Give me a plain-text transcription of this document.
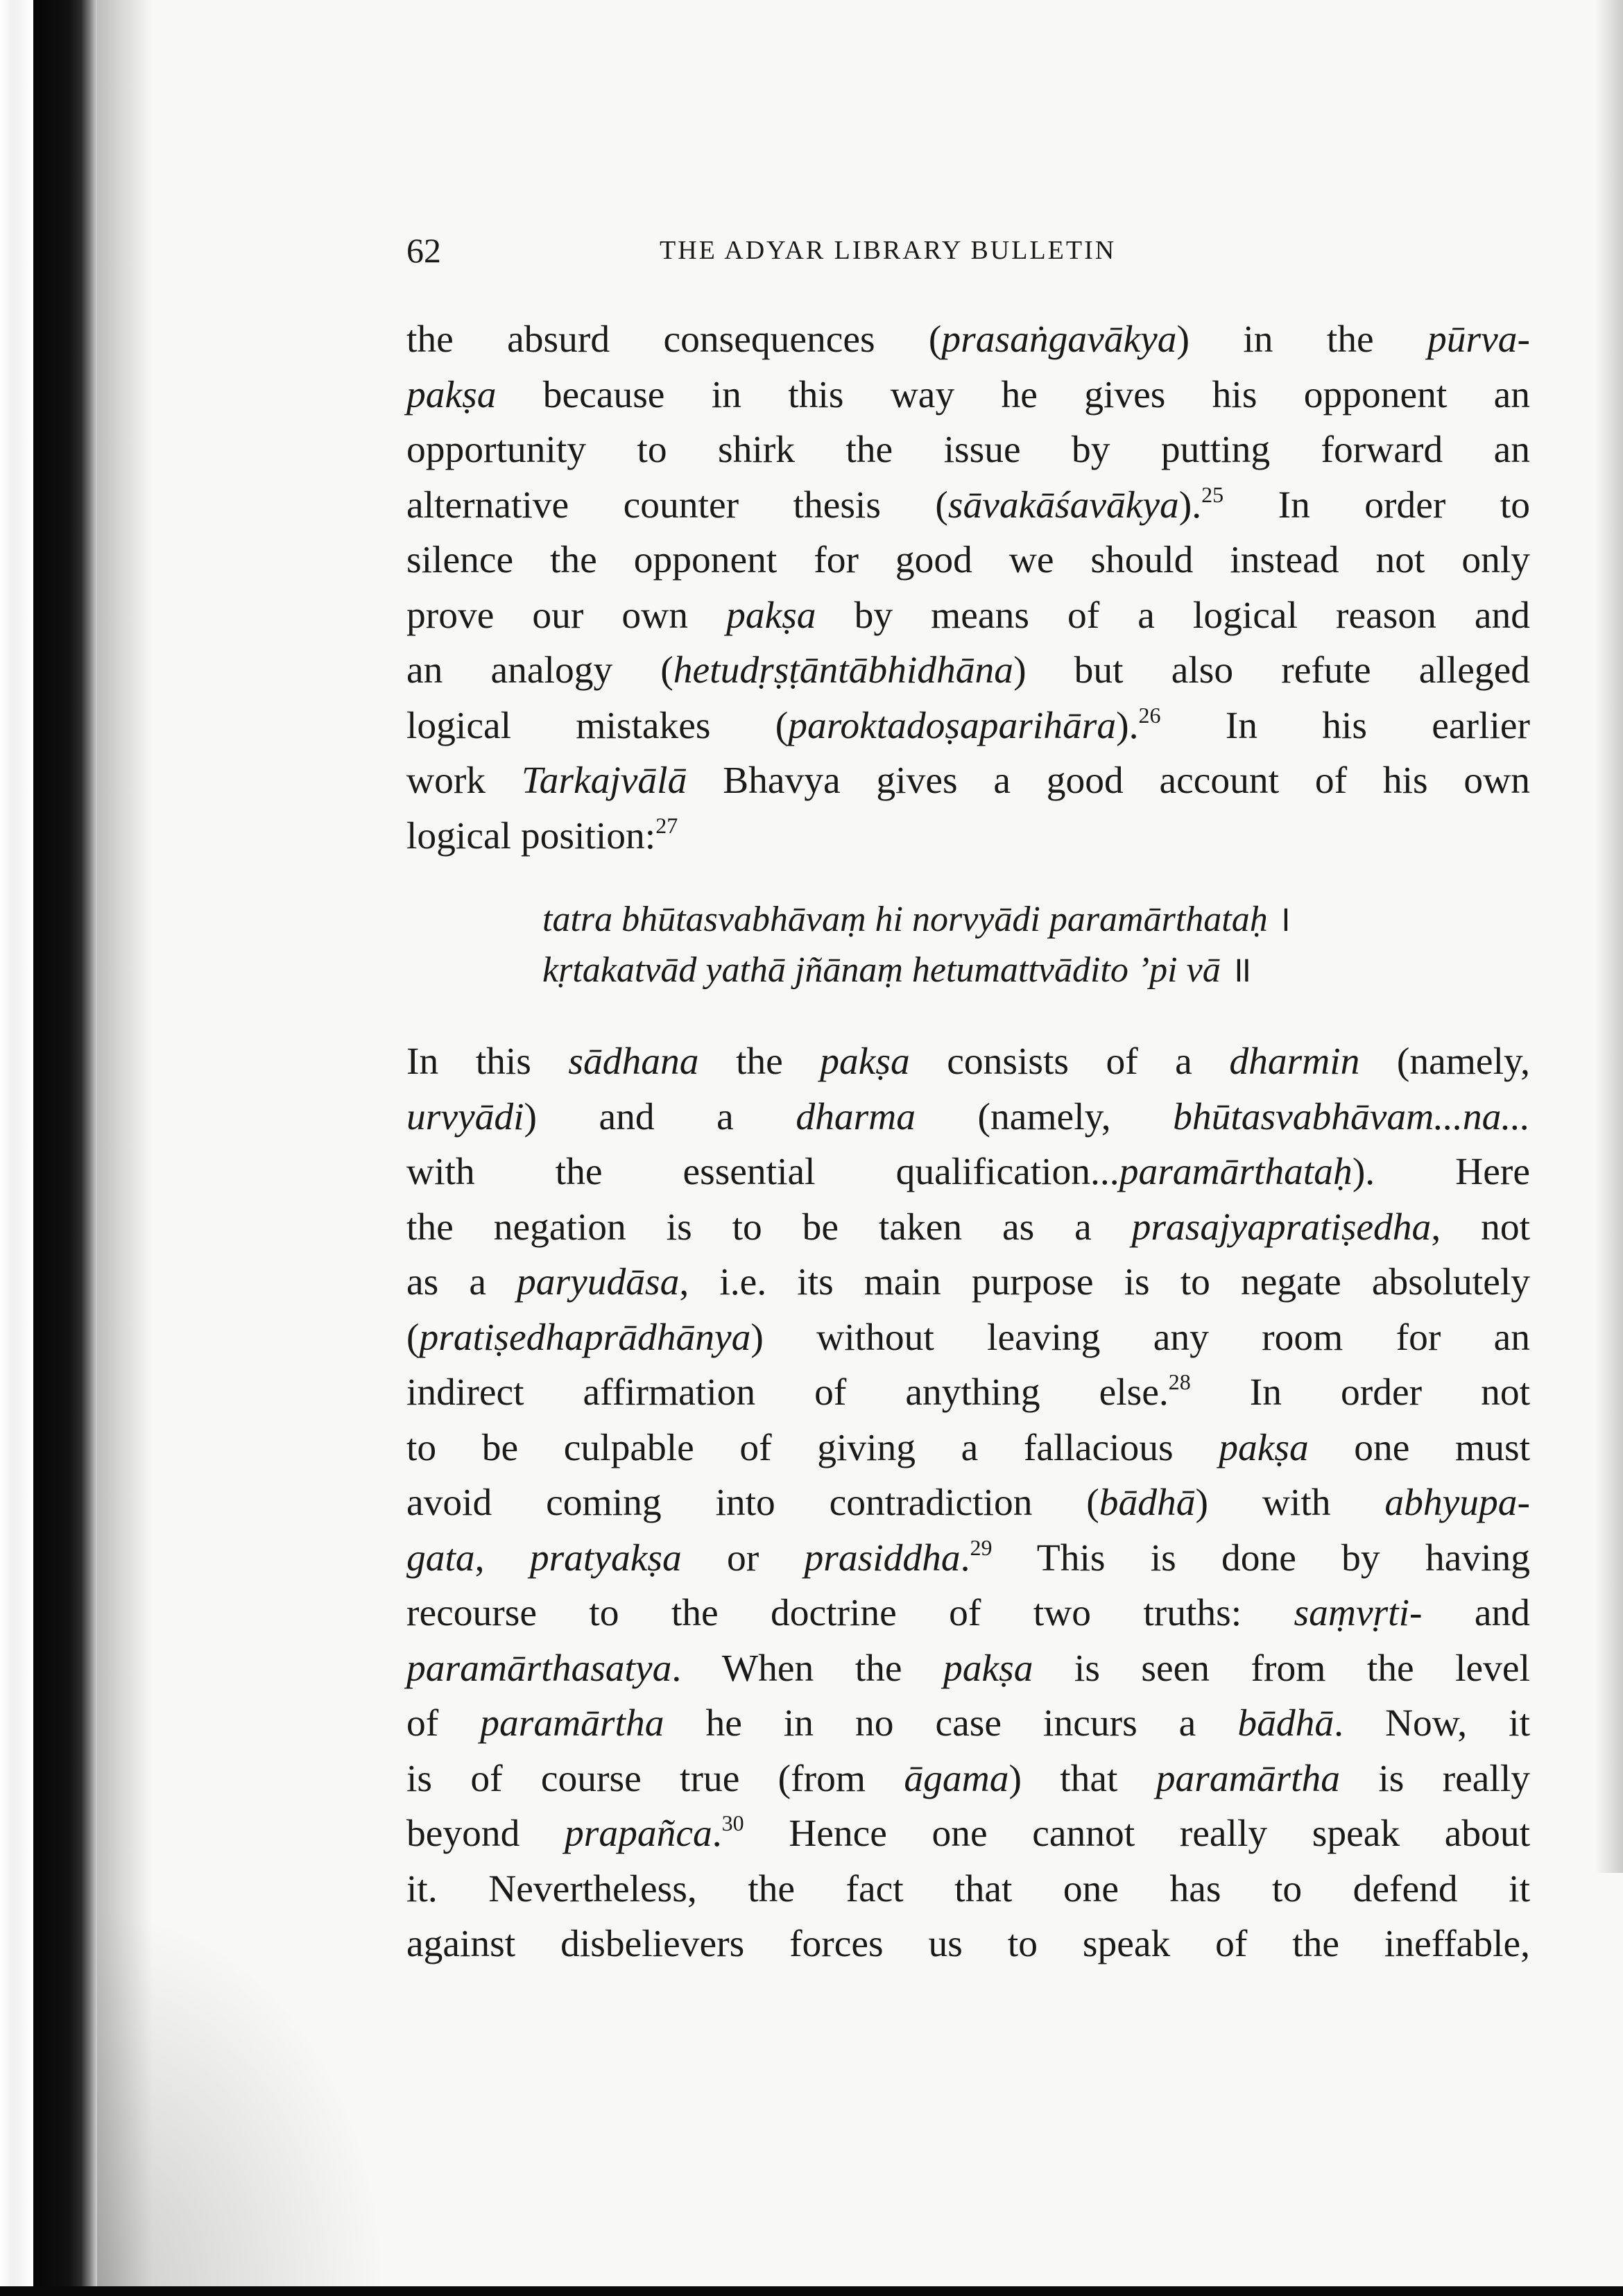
62	THE ADYAR LIBRARY BULLETIN
the absurd consequences (prasaṅgavākya) in the pūrva-
pakṣa because in this way he gives his opponent an
opportunity to shirk the issue by putting forward an
alternative counter thesis (sāvakāśavākya).$^{25}$ In order to
silence the opponent for good we should instead not only
prove our own pakṣa by means of a logical reason and
an analogy (hetudṛṣṭāntābhidhāna) but also refute alleged
logical mistakes (paroktadoṣaparihāra).$^{26}$ In his earlier
work Tarkajvālā Bhavya gives a good account of his own
logical position:$^{27}$
tatra bhūtasvabhāvaṃ hi norvyādi paramārthataḥ ।
kṛtakatvād yathā jñānaṃ hetumattvādito ’pi vā ॥
In this sādhana the pakṣa consists of a dharmin (namely,
urvyādi) and a dharma (namely, bhūtasvabhāvam...na...
with the essential qualification...paramārthataḥ). Here
the negation is to be taken as a prasajyapratiṣedha, not
as a paryudāsa, i.e. its main purpose is to negate absolutely
(pratiṣedhaprādhānya) without leaving any room for an
indirect affirmation of anything else.$^{28}$ In order not
to be culpable of giving a fallacious pakṣa one must
avoid coming into contradiction (bādhā) with abhyupa-
gata, pratyakṣa or prasiddha.$^{29}$ This is done by having
recourse to the doctrine of two truths: saṃvṛti- and
paramārthasatya. When the pakṣa is seen from the level
of paramārtha he in no case incurs a bādhā. Now, it
is of course true (from āgama) that paramārtha is really
beyond prapañca.$^{30}$ Hence one cannot really speak about
it. Nevertheless, the fact that one has to defend it
against disbelievers forces us to speak of the ineffable,
